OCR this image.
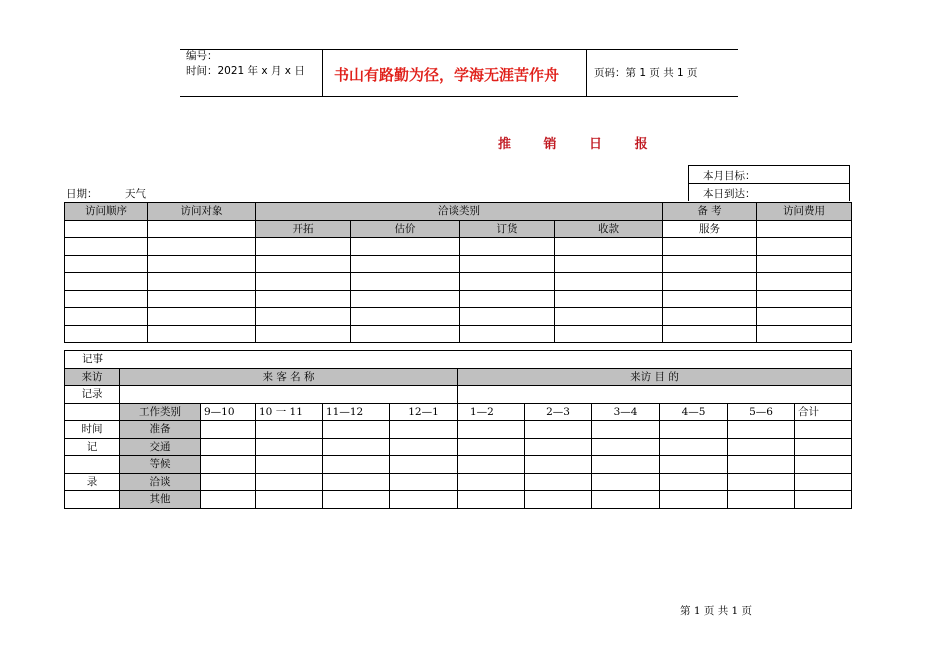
编号：
时间：2021 年 x 月 x 日 书山有路勤为径，学海无涯苦作舟	页码：第 1 页 共 1 页
推 销 日 报
本月目标：
本日到达：
日期：	天气
访问顺序	访问对象	洽谈类别				备 考	访问费用
		开拓	估价	订货	收款	服务	

记事											
来访	来 客 名 称					来访 目 的					
记录											
	工作类别	9—10	10 一 11	11—12	12—1	1—2	2—3	3—4	4—5	5—6	合计
时间	准备										
记	交通										
	等候										
录	洽谈										
	其他										
第 1 页 共 1 页
